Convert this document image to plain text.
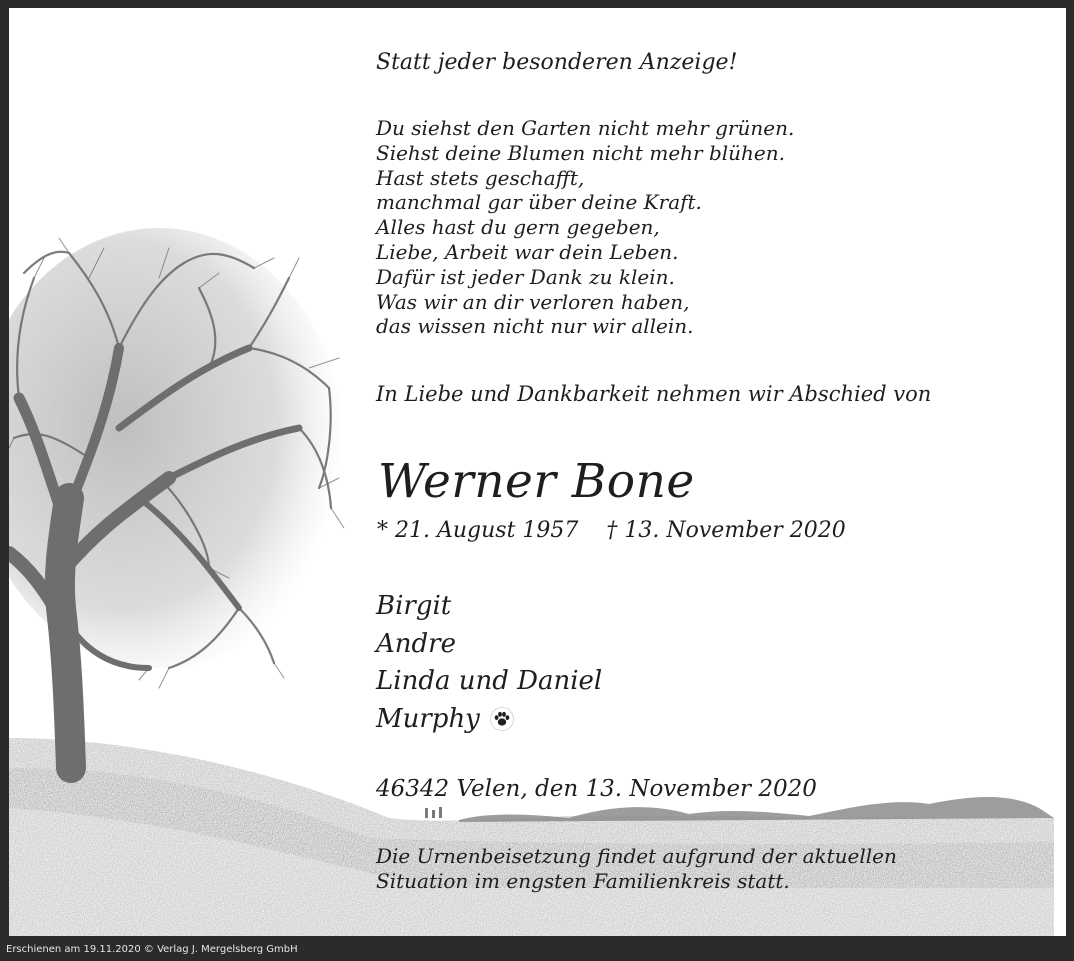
Statt jeder besonderen Anzeige!
Du siehst den Garten nicht mehr grünen.
Siehst deine Blumen nicht mehr blühen.
Hast stets geschafft,
manchmal gar über deine Kraft.
Alles hast du gern gegeben,
Liebe, Arbeit war dein Leben.
Dafür ist jeder Dank zu klein.
Was wir an dir verloren haben,
das wissen nicht nur wir allein.
In Liebe und Dankbarkeit nehmen wir Abschied von
Werner Bone
* 21. August 1957 † 13. November 2020
Birgit
Andre
Linda und Daniel
Murphy
46342 Velen, den 13. November 2020
Die Urnenbeisetzung findet aufgrund der aktuellen
Situation im engsten Familienkreis statt.
Erschienen am 19.11.2020 © Verlag J. Mergelsberg GmbH
